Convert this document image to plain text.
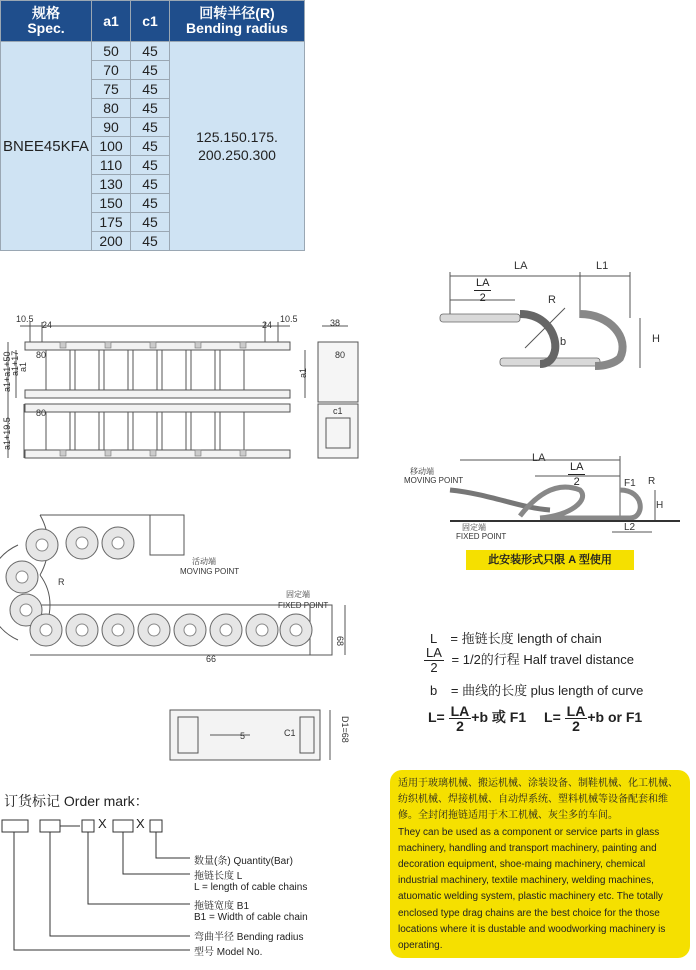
规格
Spec.	a1	c1	回转半径(R)
Bending radius
BNEE45KFA	50	45	125.150.175.
200.250.300
	70	45	
	75	45	
	80	45	
	90	45	
	100	45	
	110	45	
	130	45	
	150	45	
	175	45	
	200	45	
10.5
24	24
10.5	38
a1+a1+50
a1+17
a1
a1+19.5
a1
c1
80
80
80
活动端
MOVING POINT
固定端
FIXED POINT
R
66
68
5	C1	D1=68
LA	L1
$\frac{LA}{2}$	R
b	H
LA
$\frac{LA}{2}$	F1 R
H
L2
移动端
MOVING POINT
固定端
FIXED POINT
此安装形式只限 A 型使用
L = 拖链长度 length of chain
$\frac{LA}{2} = 1/2$的行程 Half travel distance
b = 曲线的长度 plus length of curve
$L= \frac{LA}{2} +b$ 或 F1 $L= \frac{LA}{2} +b$ or F1
订货标记 Order mark：
X X
数量(条) Quantity(Bar)
拖链长度 L
L = length of cable chains
拖链宽度 B1
B1 = Width of cable chain
弯曲半径 Bending radius
型号 Model No.
适用于玻璃机械、搬运机械、涂装设备、制鞋机械、化工机械、纺织机械、焊接机械、自动焊系统、塑料机械等设备配套和维修。全封闭拖链适用于木工机械、灰尘多的车间。
They can be used as a component or service parts in glass machinery, handling and transport machinery, painting and decoration equipment, shoe-maing machinery, chemical industrial machinery, textile machinery, welding machines, atuomatic welding system, plastic machinery etc. The totally enclosed type drag chains are the best choice for the those locations where it is dustable and woodworking machinery is operating.
